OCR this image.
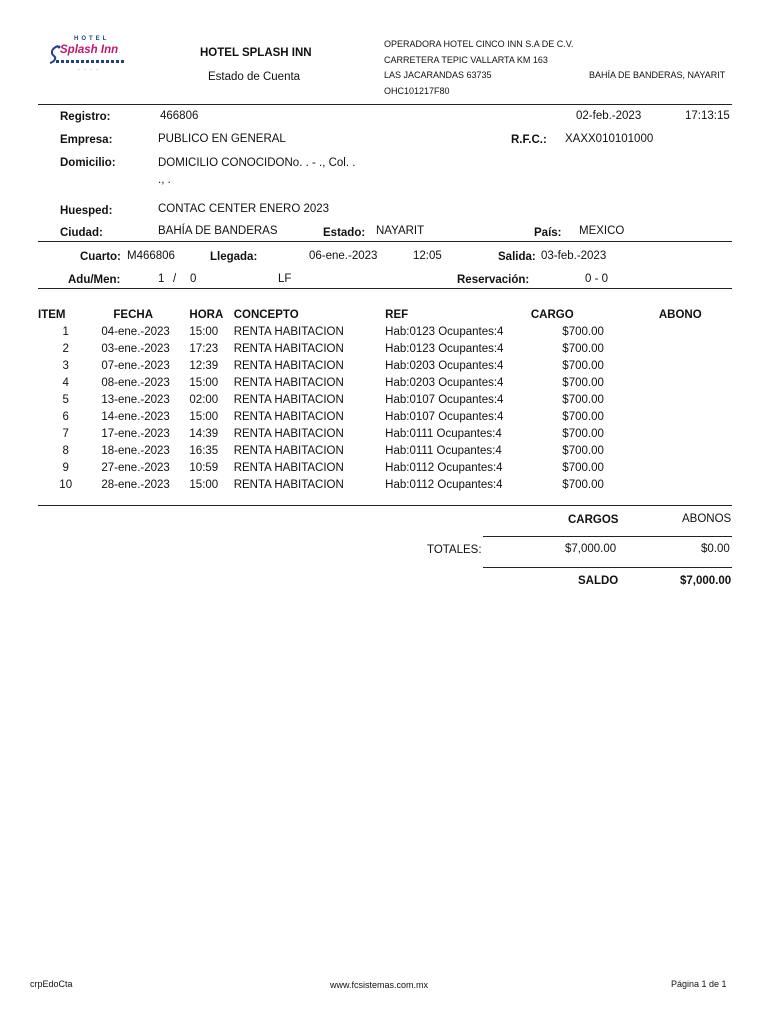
HOTEL
Splash Inn
····
HOTEL SPLASH INN
Estado de Cuenta
OPERADORA HOTEL CINCO INN S.A DE C.V.
CARRETERA TEPIC VALLARTA KM 163
LAS JACARANDAS 63735	BAHÍA DE BANDERAS, NAYARIT
OHC101217F80
Registro:	466806	02-feb.-2023	17:13:15
Empresa:	PUBLICO EN GENERAL	R.F.C.: XAXX010101000
Domicilio:	DOMICILIO CONOCIDONo. . - ., Col. .
., .
Huesped:	CONTAC CENTER ENERO 2023
Ciudad:	BAHÍA DE BANDERAS	Estado: NAYARIT	País: MEXICO
Cuarto: M466806	Llegada:	06-ene.-2023	12:05	Salida: 03-feb.-2023
Adu/Men:	1 / 0	LF	Reservación:	0 - 0
ITEM	FECHA	HORA	CONCEPTO	REF	CARGO	ABONO
1	04-ene.-2023	15:00	RENTA HABITACION	Hab:0123 Ocupantes:4	$700.00	
2	03-ene.-2023	17:23	RENTA HABITACION	Hab:0123 Ocupantes:4	$700.00	
3	07-ene.-2023	12:39	RENTA HABITACION	Hab:0203 Ocupantes:4	$700.00	
4	08-ene.-2023	15:00	RENTA HABITACION	Hab:0203 Ocupantes:4	$700.00	
5	13-ene.-2023	02:00	RENTA HABITACION	Hab:0107 Ocupantes:4	$700.00	
6	14-ene.-2023	15:00	RENTA HABITACION	Hab:0107 Ocupantes:4	$700.00	
7	17-ene.-2023	14:39	RENTA HABITACION	Hab:0111 Ocupantes:4	$700.00	
8	18-ene.-2023	16:35	RENTA HABITACION	Hab:0111 Ocupantes:4	$700.00	
9	27-ene.-2023	10:59	RENTA HABITACION	Hab:0112 Ocupantes:4	$700.00	
10	28-ene.-2023	15:00	RENTA HABITACION	Hab:0112 Ocupantes:4	$700.00	
CARGOS	ABONOS
TOTALES:	$7,000.00	$0.00
SALDO	$7,000.00
crpEdoCta	www.fcsistemas.com.mx	Página 1 de 1
